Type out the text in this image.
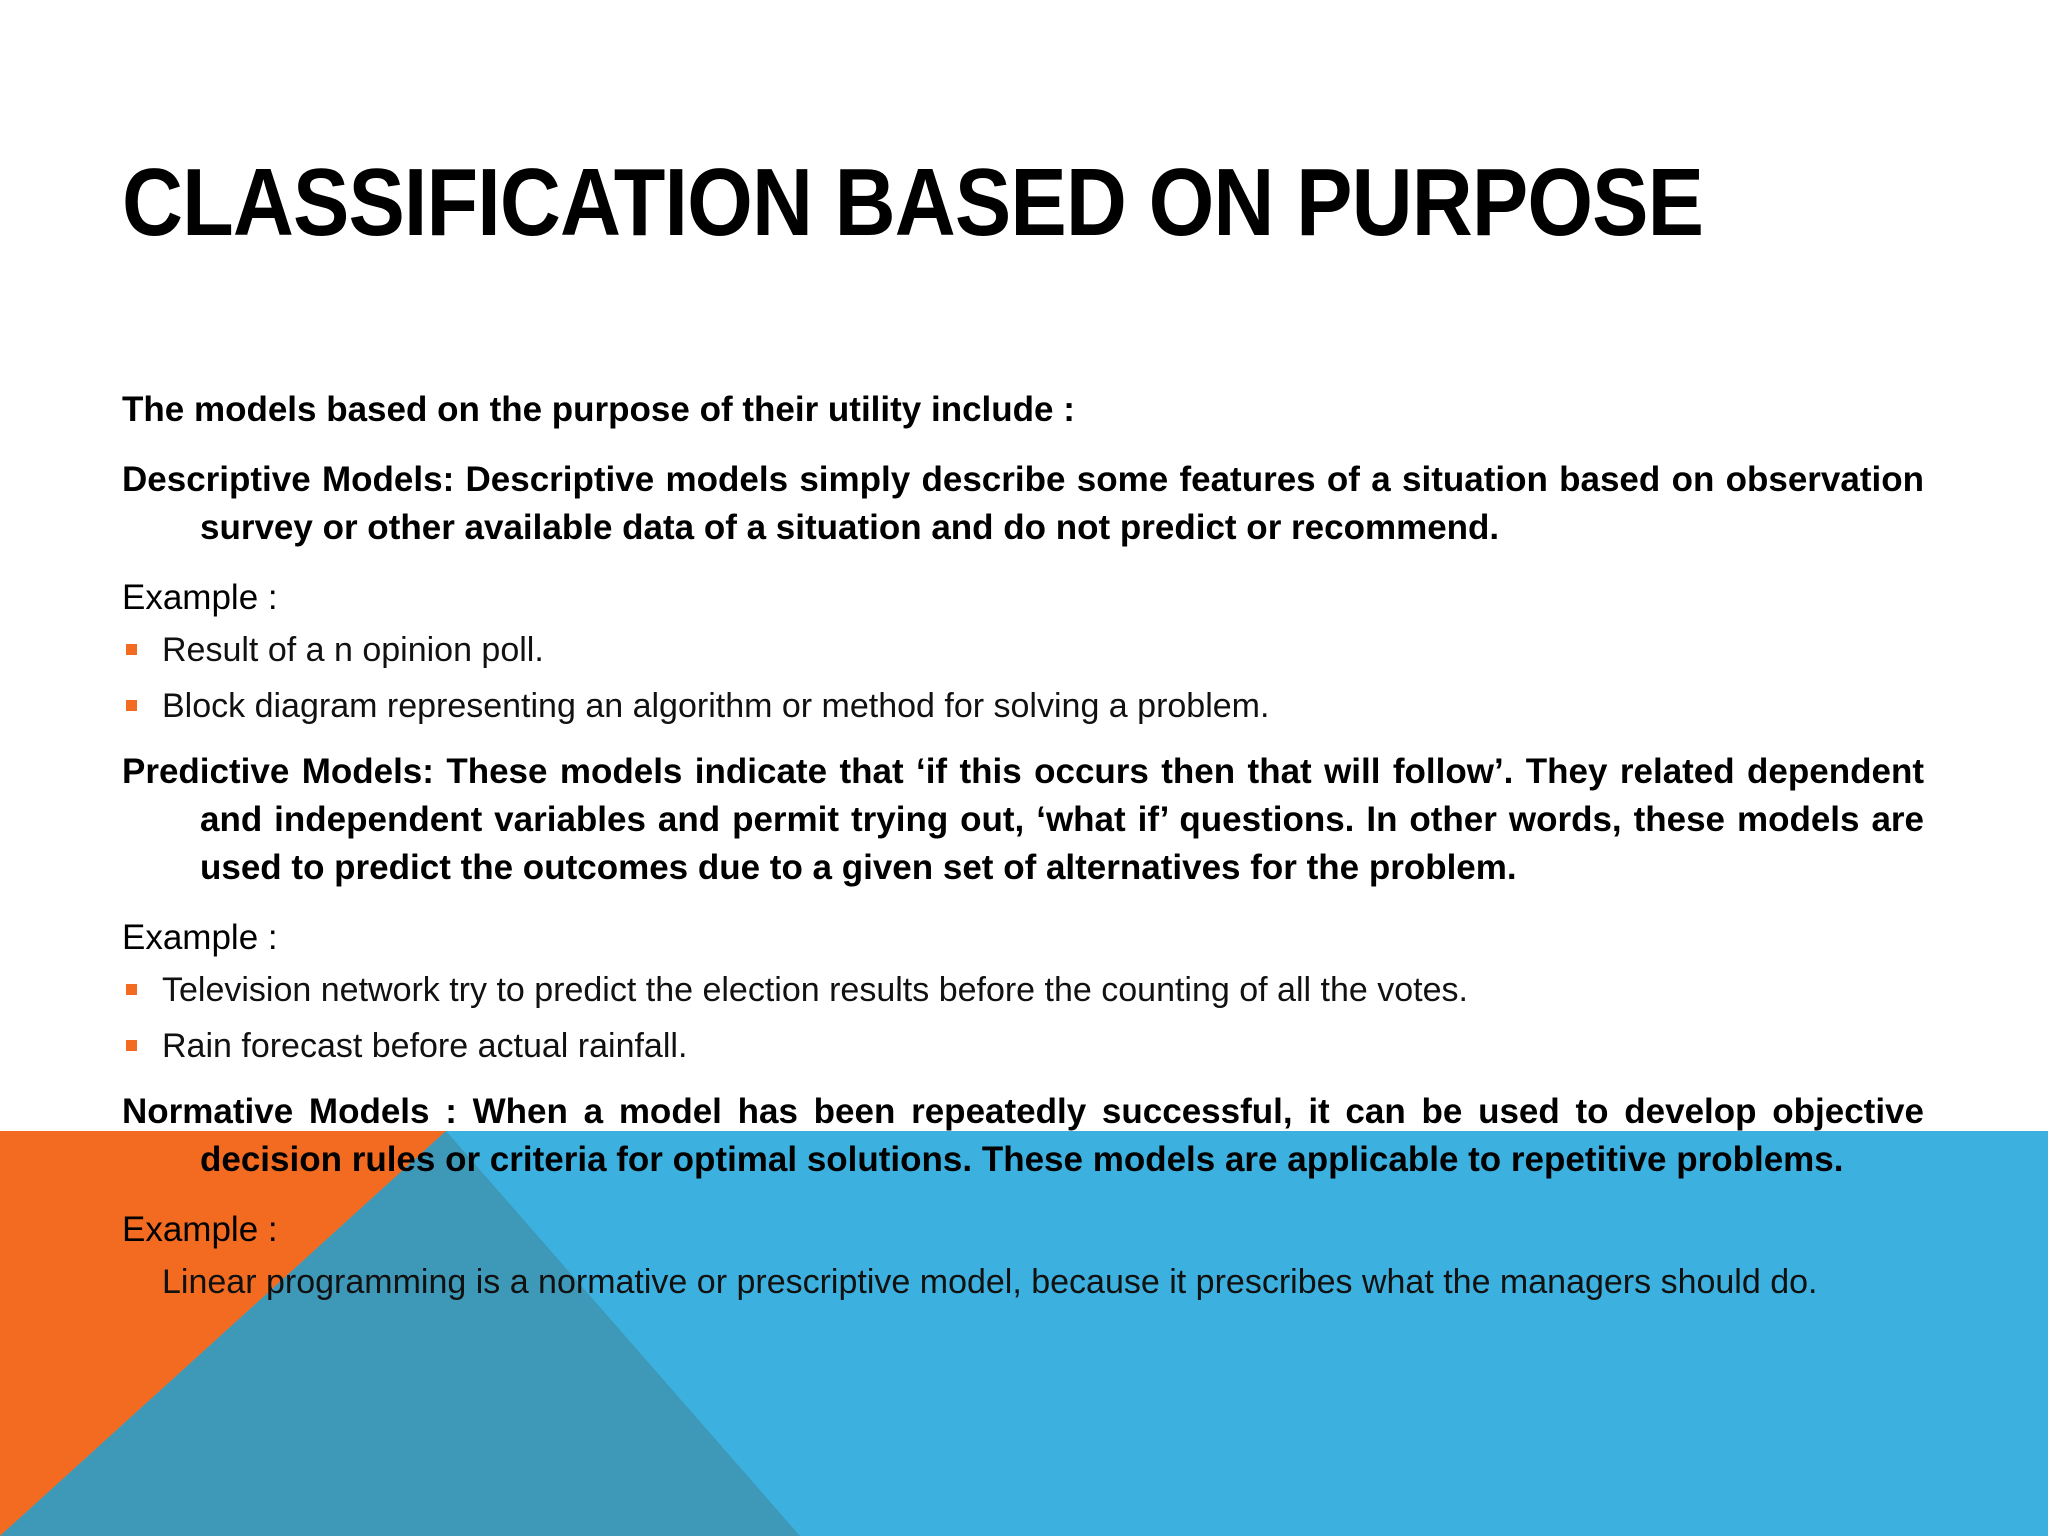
CLASSIFICATION BASED ON PURPOSE

The models based on the purpose of their utility include :

Descriptive Models: Descriptive models simply describe some features of a situation based on observation survey or other available data of a situation and do not predict or recommend.

Example :

Result of a n opinion poll.
Block diagram representing an algorithm or method for solving a problem.

Predictive Models: These models indicate that ‘if this occurs then that will follow’. They related dependent and independent variables and permit trying out, ‘what if’ questions. In other words, these models are used to predict the outcomes due to a given set of alternatives for the problem.

Example :

Television network try to predict the election results before the counting of all the votes.
Rain forecast before actual rainfall.

Normative Models : When a model has been repeatedly successful, it can be used to develop objective decision rules or criteria for optimal solutions. These models are applicable to repetitive problems.

Example :

Linear programming is a normative or prescriptive model, because it prescribes what the managers should do.
